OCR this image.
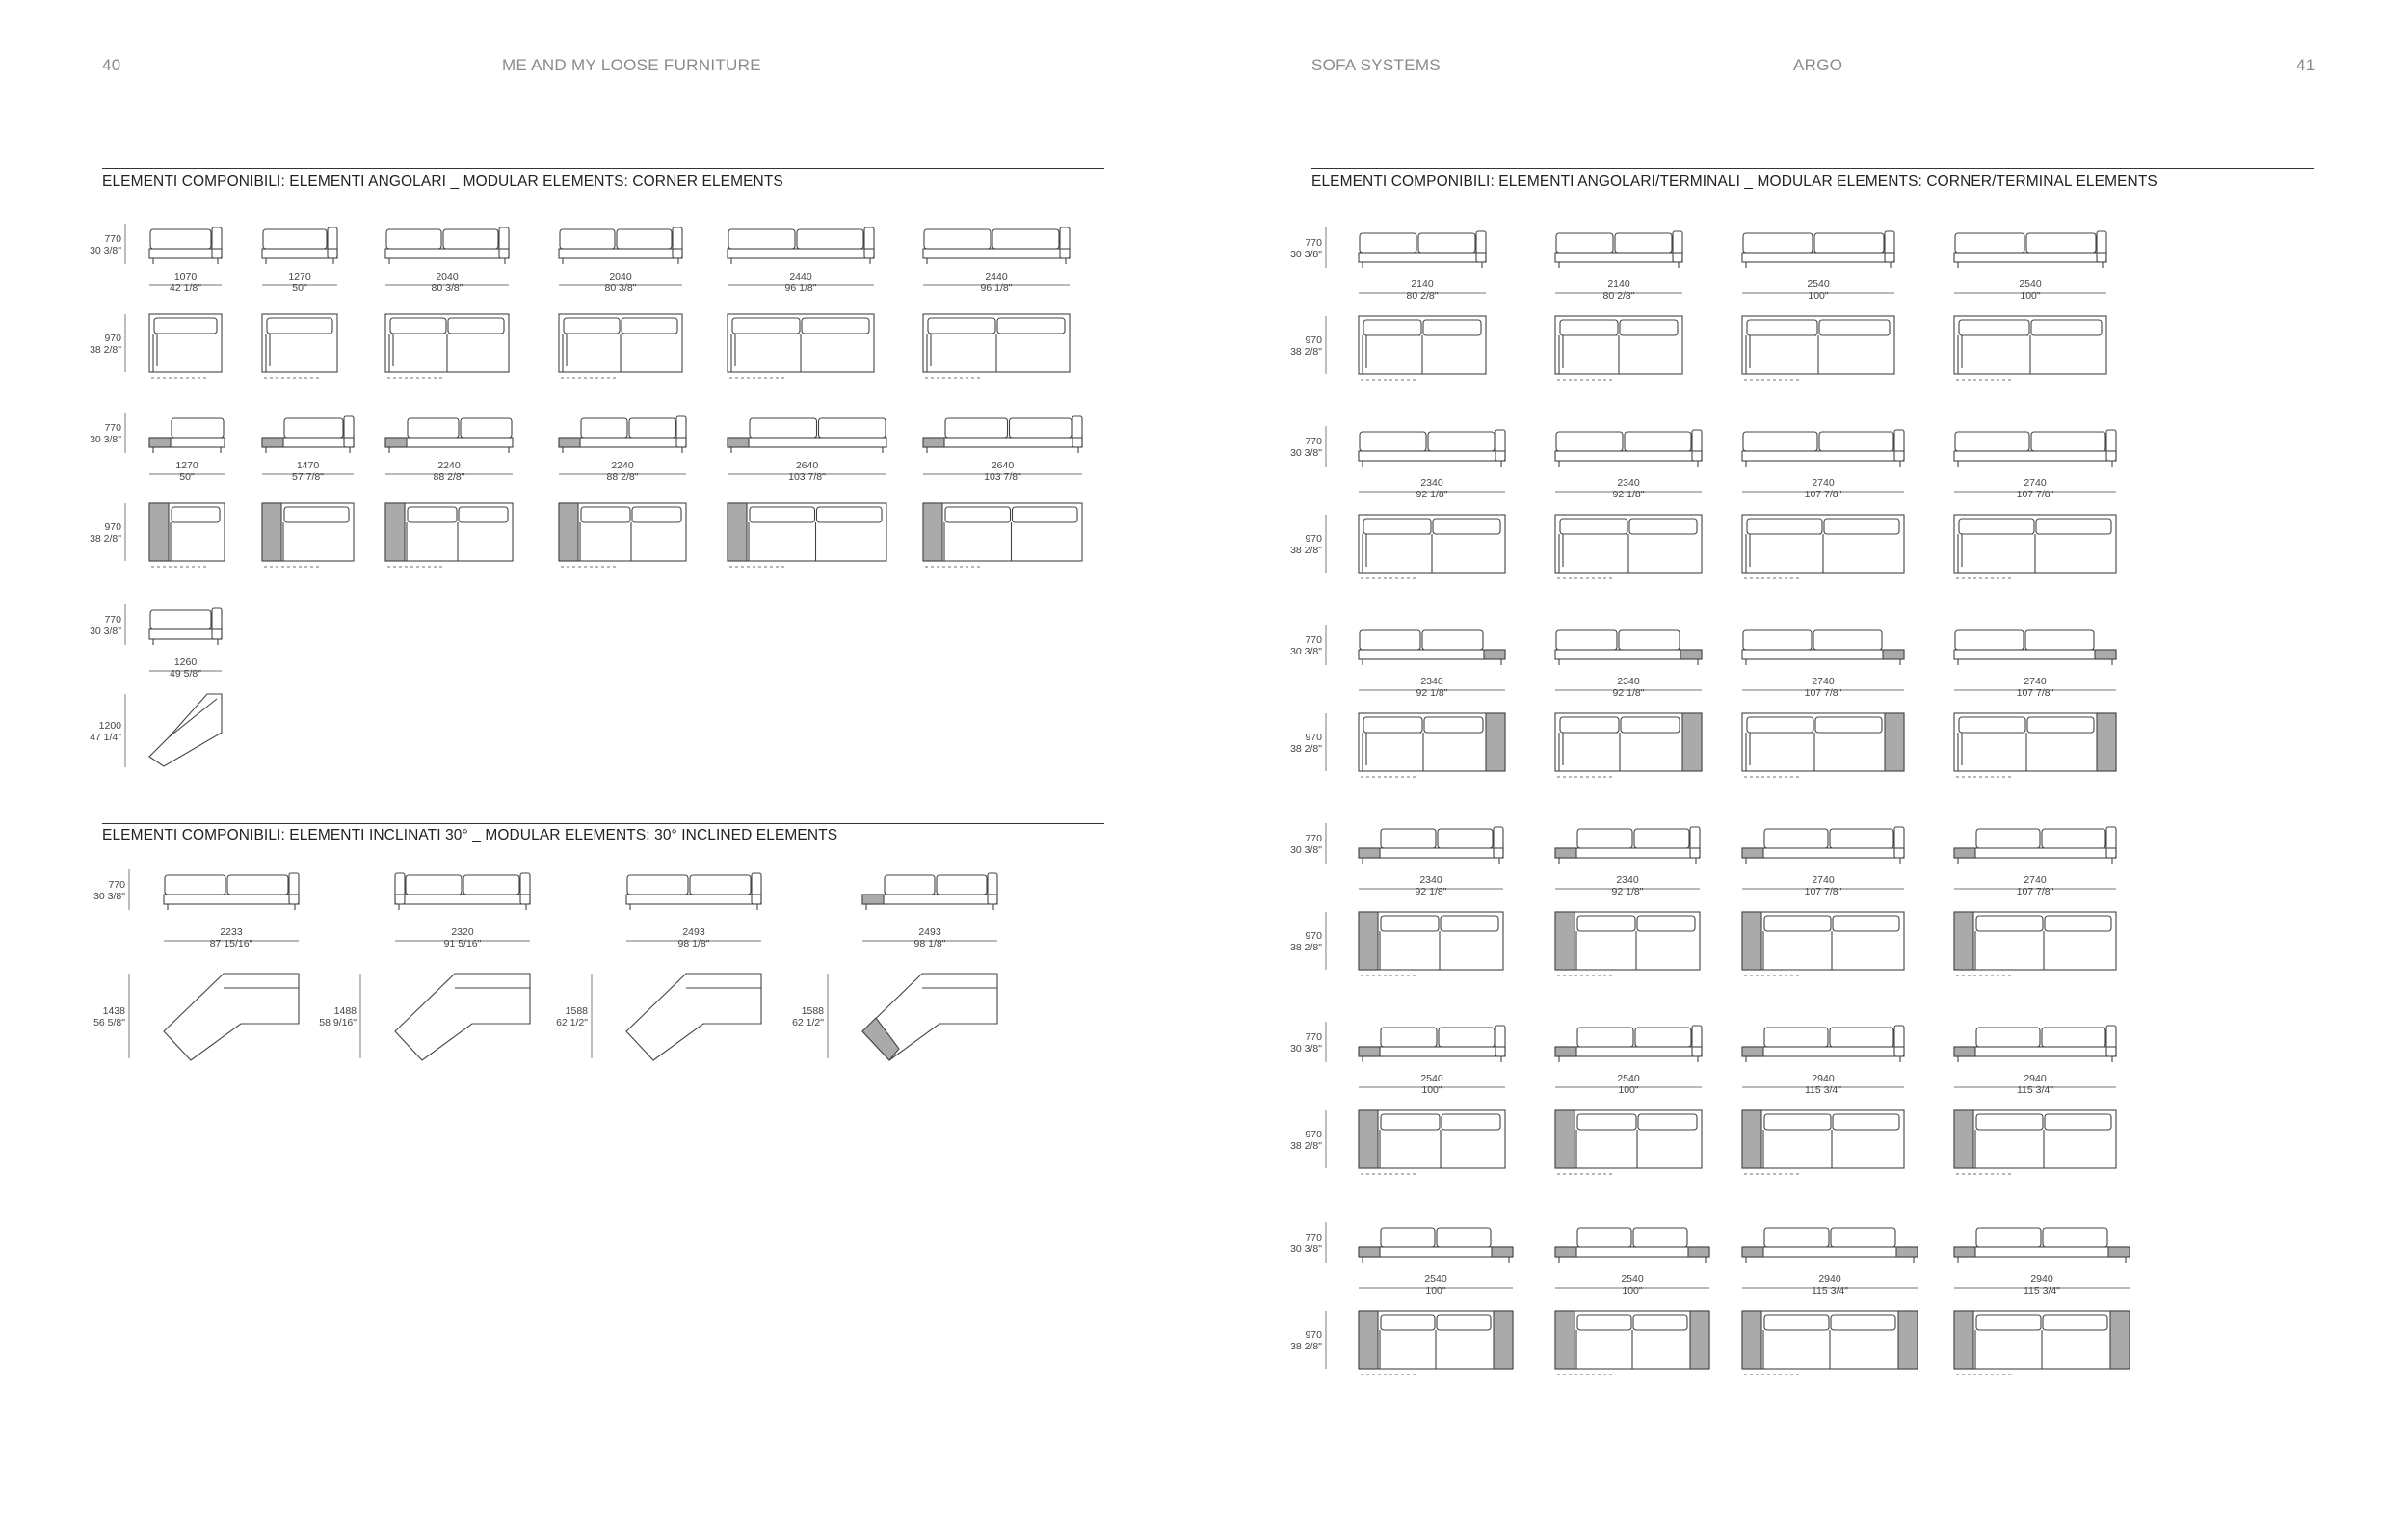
40	ME AND MY LOOSE FURNITURE	SOFA SYSTEMS	ARGO	41
ELEMENTI COMPONIBILI: ELEMENTI ANGOLARI _ MODULAR ELEMENTS: CORNER ELEMENTS
ELEMENTI COMPONIBILI: ELEMENTI INCLINATI 30° _ MODULAR ELEMENTS: 30° INCLINED ELEMENTS
ELEMENTI COMPONIBILI: ELEMENTI ANGOLARI/TERMINALI _ MODULAR ELEMENTS: CORNER/TERMINAL ELEMENTS
1070
42 1/8"
770
30 3/8"
970
38 2/8"
1270
50"
2040
80 3/8"
2040
80 3/8"
2440
96 1/8"
2440
96 1/8"
1270
50"
770
30 3/8"
970
38 2/8"
1470
57 7/8"
2240
88 2/8"
2240
88 2/8"
2640
103 7/8"
2640
103 7/8"
1260
49 5/8"
1200
47 1/4"
770
30 3/8"
2233
87 15/16"
1438
56 5/8"
770
30 3/8"
2320
91 5/16"
1488
58 9/16"
2493
98 1/8"
1588
62 1/2"
2493
98 1/8"
1588
62 1/2"
2140
80 2/8"
770
30 3/8"
970
38 2/8"
2140
80 2/8"
2540
100"
2540
100"
2340
92 1/8"
770
30 3/8"
970
38 2/8"
2340
92 1/8"
2740
107 7/8"
2740
107 7/8"
2340
92 1/8"
770
30 3/8"
970
38 2/8"
2340
92 1/8"
2740
107 7/8"
2740
107 7/8"
2340
92 1/8"
770
30 3/8"
970
38 2/8"
2340
92 1/8"
2740
107 7/8"
2740
107 7/8"
2540
100"
770
30 3/8"
970
38 2/8"
2540
100"
2940
115 3/4"
2940
115 3/4"
2540
100"
770
30 3/8"
970
38 2/8"
2540
100"
2940
115 3/4"
2940
115 3/4"
